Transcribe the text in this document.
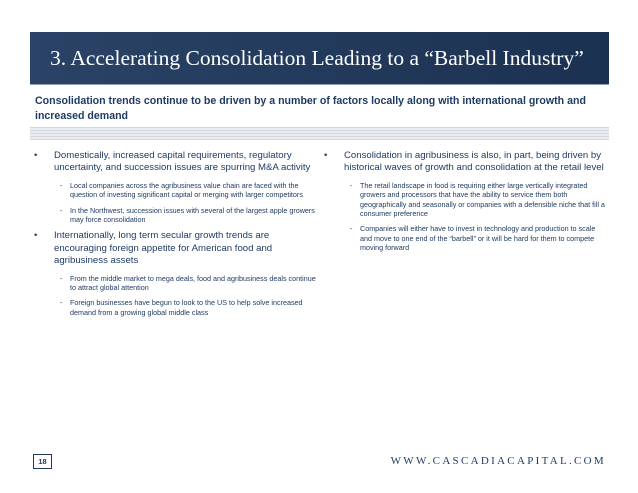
3. Accelerating Consolidation Leading to a “Barbell Industry”
Consolidation trends continue to be driven by a number of factors locally along with international growth and increased demand
• Domestically, increased capital requirements, regulatory uncertainty, and succession issues are spurring M&A activity
- Local companies across the agribusiness value chain are faced with the question of investing significant capital or merging with larger competitors
- In the Northwest, succession issues with several of the largest apple growers may force consolidation
• Internationally, long term secular growth trends are encouraging foreign appetite for American food and agribusiness assets
- From the middle market to mega deals, food and agribusiness deals continue to attract global attention
- Foreign businesses have begun to look to the US to help solve increased demand from a growing global middle class
• Consolidation in agribusiness is also, in part, being driven by historical waves of growth and consolidation at the retail level
- The retail landscape in food is requiring either large vertically integrated growers and processors that have the ability to service them both geographically and seasonally or companies with a defensible niche that fill a consumer preference
- Companies will either have to invest in technology and production to scale and move to one end of the “barbell” or it will be hard for them to compete moving forward
18	WWW.CASCADIACAPITAL.COM
